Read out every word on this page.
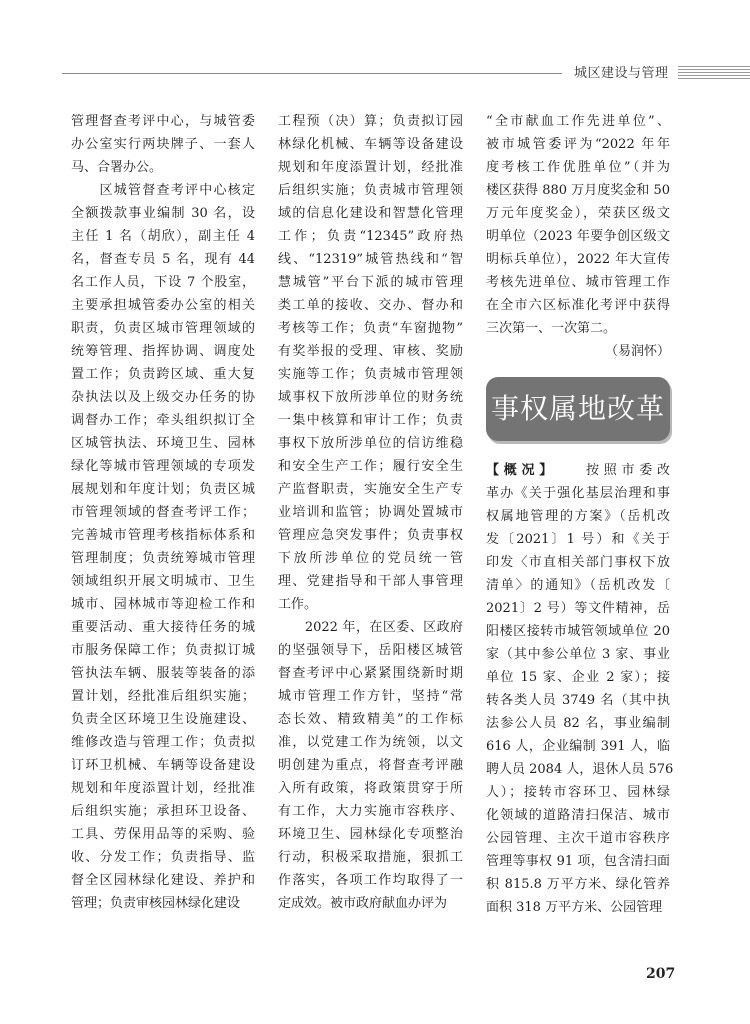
城区建设与管理
管理督查考评中心，与城管委
办公室实行两块牌子、一套人
马、合署办公。
　　区城管督查考评中心核定
全额拨款事业编制 30 名，设
主任 1 名（胡欣），副主任 4
名，督查专员 5 名，现有 44
名工作人员，下设 7 个股室，
主要承担城管委办公室的相关
职责，负责区城市管理领域的
统筹管理、指挥协调、调度处
置工作；负责跨区域、重大复
杂执法以及上级交办任务的协
调督办工作；牵头组织拟订全
区城管执法、环境卫生、园林
绿化等城市管理领域的专项发
展规划和年度计划；负责区城
市管理领域的督查考评工作；
完善城市管理考核指标体系和
管理制度；负责统筹城市管理
领域组织开展文明城市、卫生
城市、园林城市等迎检工作和
重要活动、重大接待任务的城
市服务保障工作；负责拟订城
管执法车辆、服装等装备的添
置计划，经批准后组织实施；
负责全区环境卫生设施建设、
维修改造与管理工作；负责拟
订环卫机械、车辆等设备建设
规划和年度添置计划，经批准
后组织实施；承担环卫设备、
工具、劳保用品等的采购、验
收、分发工作；负责指导、监
督全区园林绿化建设、养护和
管理；负责审核园林绿化建设
工程预（决）算；负责拟订园
林绿化机械、车辆等设备建设
规划和年度添置计划，经批准
后组织实施；负责城市管理领
域的信息化建设和智慧化管理
工作；负责“12345”政府热
线、“12319”城管热线和“智
慧城管”平台下派的城市管理
类工单的接收、交办、督办和
考核等工作；负责“车窗抛物”
有奖举报的受理、审核、奖励
实施等工作；负责城市管理领
域事权下放所涉单位的财务统
一集中核算和审计工作；负责
事权下放所涉单位的信访维稳
和安全生产工作；履行安全生
产监督职责，实施安全生产专
业培训和监管；协调处置城市
管理应急突发事件；负责事权
下放所涉单位的党员统一管
理、党建指导和干部人事管理
工作。
　　2022 年，在区委、区政府
的坚强领导下，岳阳楼区城管
督查考评中心紧紧围绕新时期
城市管理工作方针，坚持“常
态长效、精致精美”的工作标
准，以党建工作为统领，以文
明创建为重点，将督查考评融
入所有政策，将政策贯穿于所
有工作，大力实施市容秩序、
环境卫生、园林绿化专项整治
行动，积极采取措施，狠抓工
作落实，各项工作均取得了一
定成效。被市政府献血办评为
“全市献血工作先进单位”、
被市城管委评为“2022 年年
度考核工作优胜单位”（并为
楼区获得 880 万月度奖金和 50
万元年度奖金），荣获区级文
明单位（2023 年要争创区级文
明标兵单位），2022 年大宣传
考核先进单位、城市管理工作
在全市六区标准化考评中获得
三次第一、一次第二。
（易润怀）
事权属地改革
【概况】　　按照市委改
革办《关于强化基层治理和事
权属地管理的方案》（岳机改
发〔2021〕1 号）和《关于
印发〈市直相关部门事权下放
清单〉的通知》（岳机改发〔
2021〕2 号）等文件精神，岳
阳楼区接转市城管领域单位 20
家（其中参公单位 3 家、事业
单位 15 家、企业 2 家）；接
转各类人员 3749 名（其中执
法参公人员 82 名，事业编制
616 人，企业编制 391 人，临
聘人员 2084 人，退休人员 576
人）；接转市容环卫、园林绿
化领域的道路清扫保洁、城市
公园管理、主次干道市容秩序
管理等事权 91 项，包含清扫面
积 815.8 万平方米、绿化管养
面积 318 万平方米、公园管理
207
